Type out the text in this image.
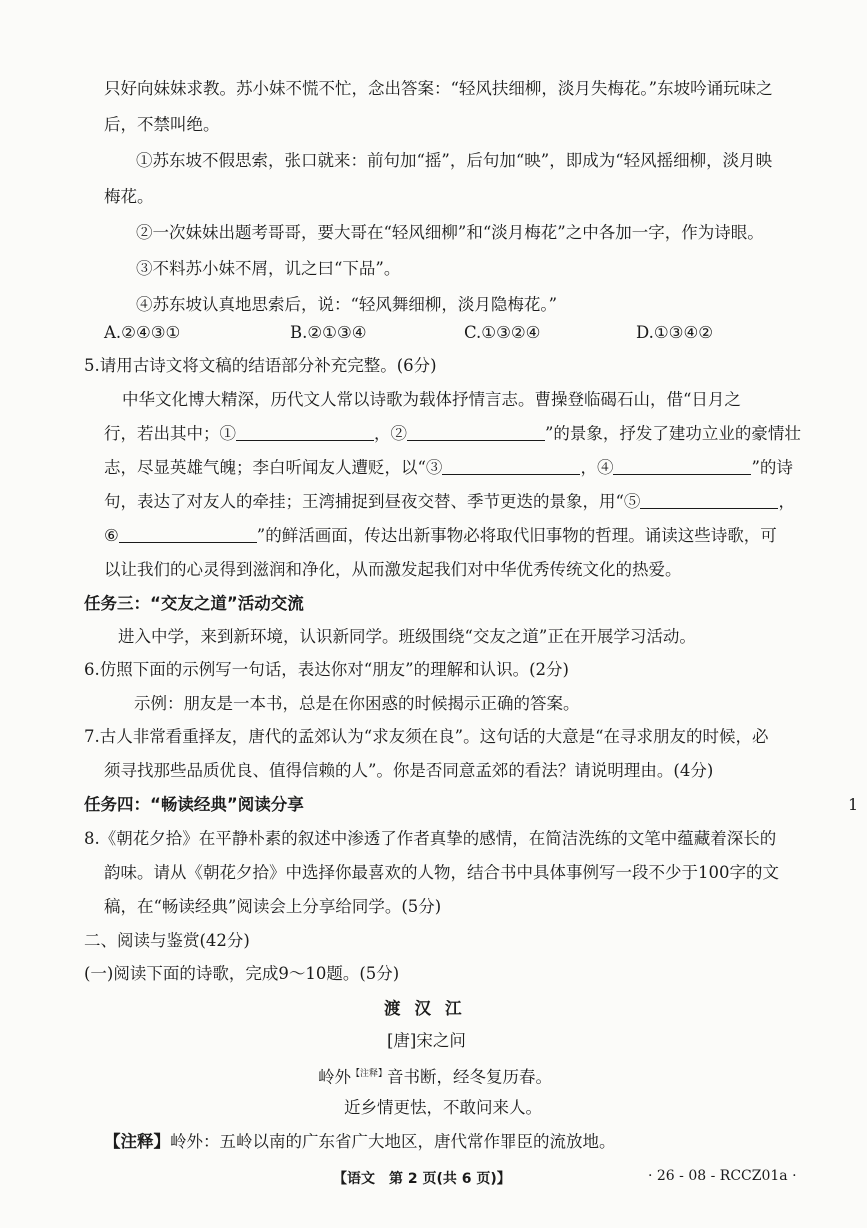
只好向妹妹求教。苏小妹不慌不忙，念出答案：“轻风扶细柳，淡月失梅花。”东坡吟诵玩味之
后，不禁叫绝。
①苏东坡不假思索，张口就来：前句加“摇”，后句加“映”，即成为“轻风摇细柳，淡月映
梅花。
②一次妹妹出题考哥哥，要大哥在“轻风细柳”和“淡月梅花”之中各加一字，作为诗眼。
③不料苏小妹不屑，讥之曰“下品”。
④苏东坡认真地思索后，说：“轻风舞细柳，淡月隐梅花。”
A.②④③①	B.②①③④	C.①③②④	D.①③④②
5.请用古诗文将文稿的结语部分补充完整。(6分)
中华文化博大精深，历代文人常以诗歌为载体抒情言志。曹操登临碣石山，借“日月之
行，若出其中；①	，②	”的景象，抒发了建功立业的豪情壮
志，尽显英雄气魄；李白听闻友人遭贬，以“③	，④	”的诗
句，表达了对友人的牵挂；王湾捕捉到昼夜交替、季节更迭的景象，用“⑤	，
⑥	”的鲜活画面，传达出新事物必将取代旧事物的哲理。诵读这些诗歌，可
以让我们的心灵得到滋润和净化，从而激发起我们对中华优秀传统文化的热爱。
任务三：“交友之道”活动交流
进入中学，来到新环境，认识新同学。班级围绕“交友之道”正在开展学习活动。
6.仿照下面的示例写一句话，表达你对“朋友”的理解和认识。(2分)
示例：朋友是一本书，总是在你困惑的时候揭示正确的答案。
7.古人非常看重择友，唐代的孟郊认为“求友须在良”。这句话的大意是“在寻求朋友的时候，必
须寻找那些品质优良、值得信赖的人”。你是否同意孟郊的看法？请说明理由。(4分)
任务四：“畅读经典”阅读分享	1
8.《朝花夕拾》在平静朴素的叙述中渗透了作者真挚的感情，在简洁洗练的文笔中蕴藏着深长的
韵味。请从《朝花夕拾》中选择你最喜欢的人物，结合书中具体事例写一段不少于100字的文
稿，在“畅读经典”阅读会上分享给同学。(5分)
二、阅读与鉴赏(42分)
(一)阅读下面的诗歌，完成9～10题。(5分)
渡汉江
[唐]宋之问
岭外$^{【注释】}$音书断，经冬复历春。
近乡情更怯，不敢问来人。
【注释】岭外：五岭以南的广东省广大地区，唐代常作罪臣的流放地。
【语文　第 2 页(共 6 页)】	· 26 - 08 - RCCZ01a ·
